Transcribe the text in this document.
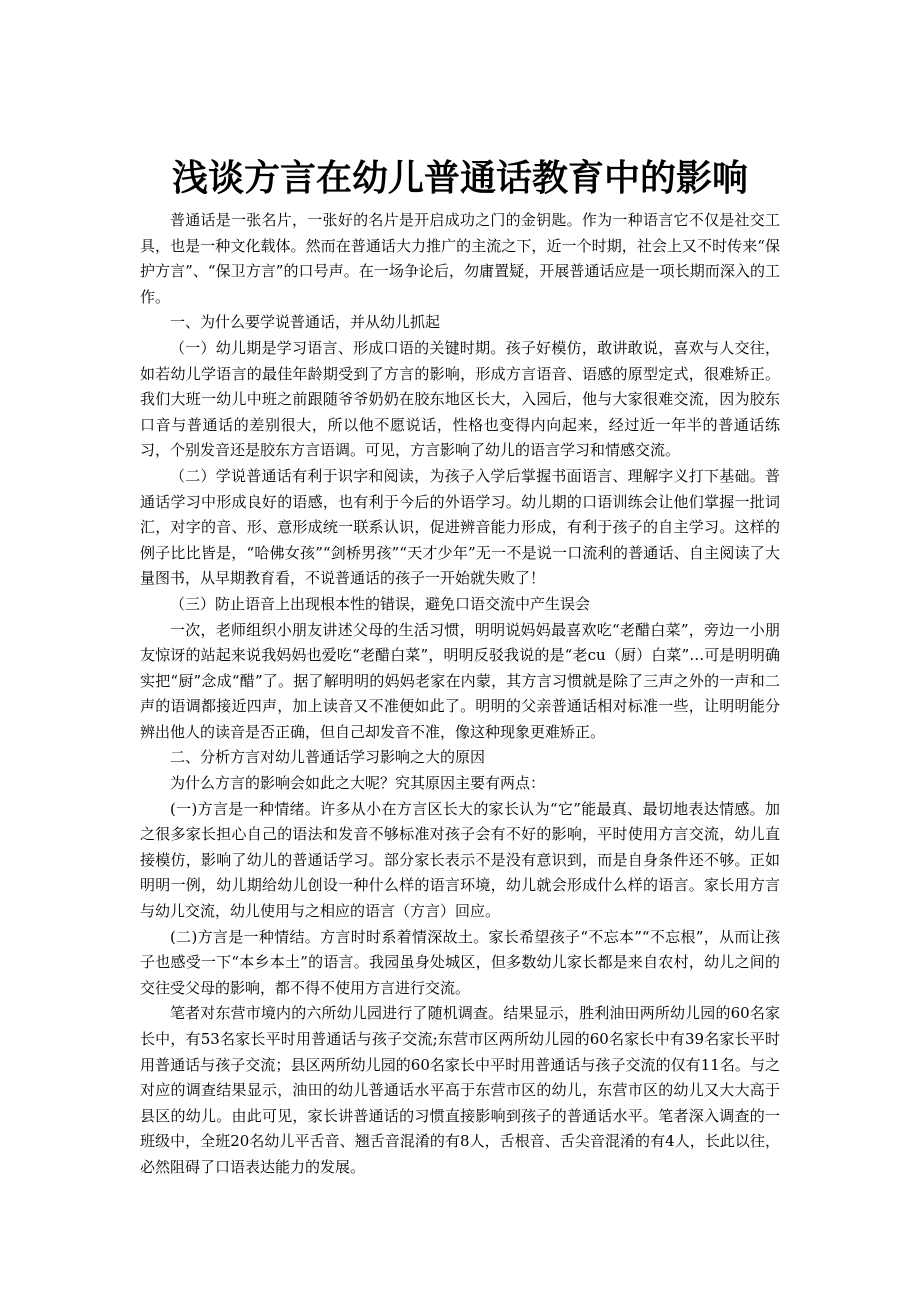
浅谈方言在幼儿普通话教育中的影响

普通话是一张名片，一张好的名片是开启成功之门的金钥匙。作为一种语言它不仅是社交工具，也是一种文化载体。然而在普通话大力推广的主流之下，近一个时期，社会上又不时传来“保护方言”、“保卫方言”的口号声。在一场争论后，勿庸置疑，开展普通话应是一项长期而深入的工作。

一、为什么要学说普通话，并从幼儿抓起

（一）幼儿期是学习语言、形成口语的关键时期。孩子好模仿，敢讲敢说，喜欢与人交往，如若幼儿学语言的最佳年龄期受到了方言的影响，形成方言语音、语感的原型定式，很难矫正。我们大班一幼儿中班之前跟随爷爷奶奶在胶东地区长大，入园后，他与大家很难交流，因为胶东口音与普通话的差别很大，所以他不愿说话，性格也变得内向起来，经过近一年半的普通话练习，个别发音还是胶东方言语调。可见，方言影响了幼儿的语言学习和情感交流。

（二）学说普通话有利于识字和阅读，为孩子入学后掌握书面语言、理解字义打下基础。普通话学习中形成良好的语感，也有利于今后的外语学习。幼儿期的口语训练会让他们掌握一批词汇，对字的音、形、意形成统一联系认识，促进辨音能力形成，有利于孩子的自主学习。这样的例子比比皆是，“哈佛女孩”“剑桥男孩”“天才少年”无一不是说一口流利的普通话、自主阅读了大量图书，从早期教育看，不说普通话的孩子一开始就失败了！

（三）防止语音上出现根本性的错误，避免口语交流中产生误会

一次，老师组织小朋友讲述父母的生活习惯，明明说妈妈最喜欢吃“老醋白菜”，旁边一小朋友惊讶的站起来说我妈妈也爱吃“老醋白菜”，明明反驳我说的是“老cu（厨）白菜”…可是明明确实把“厨”念成“醋”了。据了解明明的妈妈老家在内蒙，其方言习惯就是除了三声之外的一声和二声的语调都接近四声，加上读音又不准便如此了。明明的父亲普通话相对标准一些，让明明能分辨出他人的读音是否正确，但自己却发音不准，像这种现象更难矫正。

二、分析方言对幼儿普通话学习影响之大的原因

为什么方言的影响会如此之大呢？究其原因主要有两点：

(一)方言是一种情绪。许多从小在方言区长大的家长认为“它”能最真、最切地表达情感。加之很多家长担心自己的语法和发音不够标准对孩子会有不好的影响，平时使用方言交流，幼儿直接模仿，影响了幼儿的普通话学习。部分家长表示不是没有意识到，而是自身条件还不够。正如明明一例，幼儿期给幼儿创设一种什么样的语言环境，幼儿就会形成什么样的语言。家长用方言与幼儿交流，幼儿使用与之相应的语言（方言）回应。

(二)方言是一种情结。方言时时系着情深故土。家长希望孩子“不忘本”“不忘根”，从而让孩子也感受一下“本乡本土”的语言。我园虽身处城区，但多数幼儿家长都是来自农村，幼儿之间的交往受父母的影响，都不得不使用方言进行交流。

笔者对东营市境内的六所幼儿园进行了随机调查。结果显示，胜利油田两所幼儿园的60名家长中，有53名家长平时用普通话与孩子交流;东营市区两所幼儿园的60名家长中有39名家长平时用普通话与孩子交流；县区两所幼儿园的60名家长中平时用普通话与孩子交流的仅有11名。与之对应的调查结果显示，油田的幼儿普通话水平高于东营市区的幼儿，东营市区的幼儿又大大高于县区的幼儿。由此可见，家长讲普通话的习惯直接影响到孩子的普通话水平。笔者深入调查的一班级中，全班20名幼儿平舌音、翘舌音混淆的有8人，舌根音、舌尖音混淆的有4人，长此以往，必然阻碍了口语表达能力的发展。
